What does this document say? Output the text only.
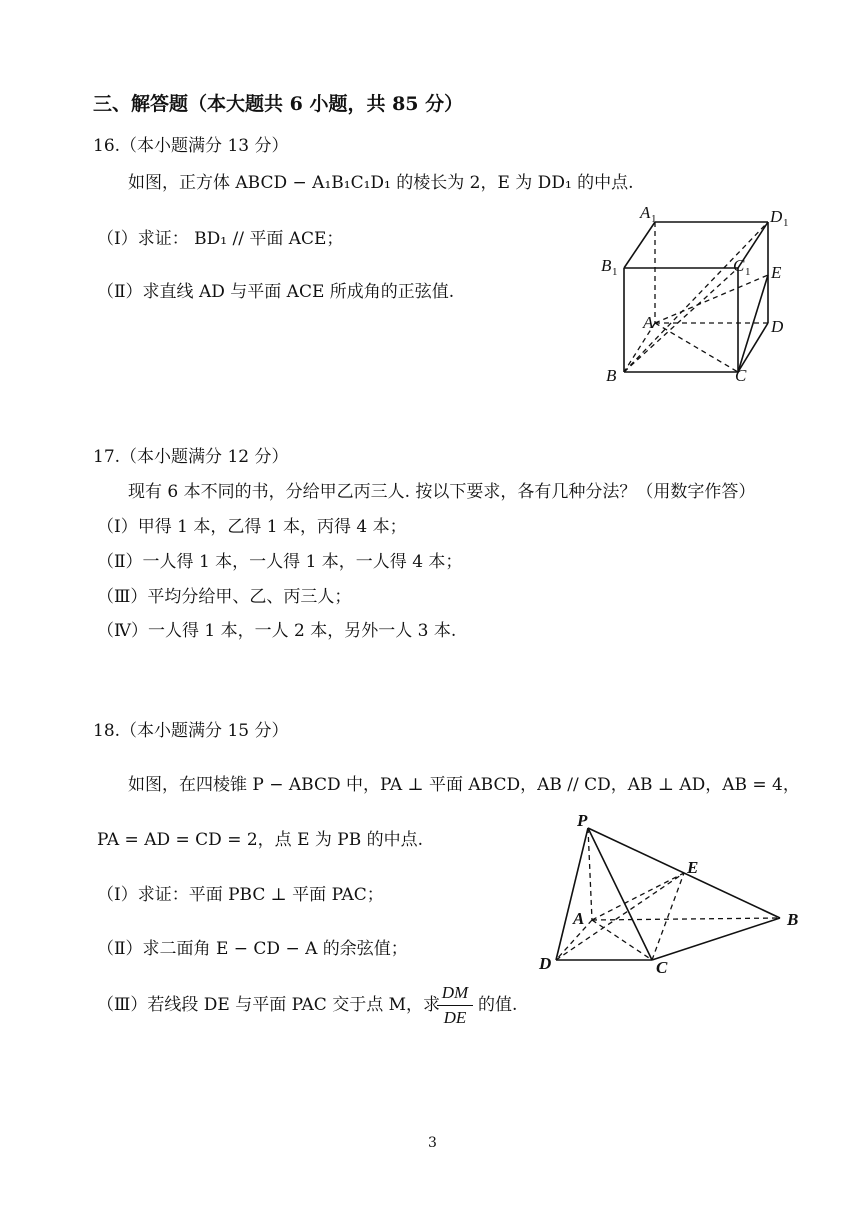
三、解答题（本大题共 6 小题，共 85 分）
16.（本小题满分 13 分）
如图，正方体 ABCD − A₁B₁C₁D₁ 的棱长为 2，E 为 DD₁ 的中点.
（Ⅰ）求证： BD₁ // 平面 ACE；
（Ⅱ）求直线 AD 与平面 ACE 所成角的正弦值.
A 1	D 1
B 1	C 1 E
A	D
B	C
17.（本小题满分 12 分）
现有 6 本不同的书，分给甲乙丙三人. 按以下要求，各有几种分法？（用数字作答）
（Ⅰ）甲得 1 本，乙得 1 本，丙得 4 本；
（Ⅱ）一人得 1 本，一人得 1 本，一人得 4 本；
（Ⅲ）平均分给甲、乙、丙三人；
（Ⅳ）一人得 1 本，一人 2 本，另外一人 3 本.
18.（本小题满分 15 分）
如图，在四棱锥 P − ABCD 中，PA ⊥ 平面 ABCD，AB // CD，AB ⊥ AD，AB = 4，
PA = AD = CD = 2，点 E 为 PB 的中点.
（Ⅰ）求证：平面 PBC ⊥ 平面 PAC；
（Ⅱ）求二面角 E − CD − A 的余弦值；
（Ⅲ）若线段 DE 与平面 PAC 交于点 M，求
DM
DE
的值.
P
E
A	B
D	C
3
